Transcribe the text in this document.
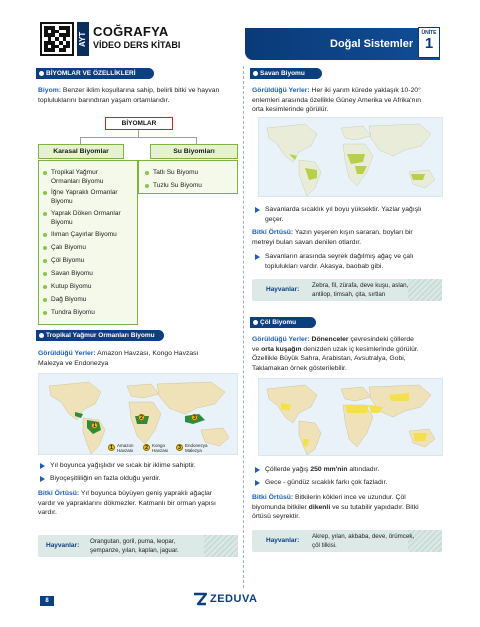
AYT COĞRAFYA
VİDEO DERS KİTABI	Doğal Sistemler
ÜNİTE
1
BİYOMLAR VE ÖZELLİKLERİ
Biyom: Benzer iklim koşullarına sahip, belirli bitki ve hayvan
topluluklarını barındıran yaşam ortamlarıdır.
BİYOMLAR
Karasal Biyomlar	Su Biyomları
Tropikal Yağmur
Ormanları Biyomu
İğne Yapraklı Ormanlar
Biyomu
Yaprak Döken Ormanlar
Biyomu
Ilıman Çayırlar Biyomu
Çalı Biyomu
Çöl Biyomu
Savan Biyomu
Kutup Biyomu
Dağ Biyomu
Tundra Biyomu
Tatlı Su Biyomu
Tuzlu Su Biyomu
Tropikal Yağmur Ormanları Biyomu
Görüldüğü Yerler: Amazon Havzası, Kongo Havzası
Malezya ve Endonezya
1
2	3
1 Amazon
Havzası	2 Kongo
Havzası	3 Endonezya
Malezya
Yıl boyunca yağışlıdır ve sıcak bir iklime sahiptir.
Biyoçeşitliliğin en fazla olduğu yerdir.
Bitki Örtüsü: Yıl boyunca büyüyen geniş yapraklı ağaçlar
vardır ve yapraklarını dökmezler. Katmanlı bir orman yapısı
vardır.
Hayvanlar:
Orangutan, goril, puma, leopar,
şempanze, yılan, kaplan, jaguar.
Savan Biyomu
Görüldüğü Yerler: Her iki yarım kürede yaklaşık 10-20°
enlemleri arasında özellikle Güney Amerika ve Afrika'nın
orta kesimlerinde görülür.
Savanlarda sıcaklık yıl boyu yüksektir. Yazlar yağışlı
geçer.
Bitki Örtüsü: Yazın yeşeren kışın sararan, boyları bir
metreyi bulan savan denilen otlardır.
Savanların arasında seyrek dağılmış ağaç ve çalı
toplulukları vardır. Akasya, baobab gibi.
Hayvanlar:
Zebra, fil, zürafa, deve kuşu, aslan,
antilop, timsah, çita, sırtlan
Çöl Biyomu
Görüldüğü Yerler: Dönenceler çevresindeki çöllerde
ve orta kuşağın denizden uzak iç kesimlerinde görülür.
Özellikle Büyük Sahra, Arabistan, Avsutralya, Gobi,
Taklamakan örnek gösterilebilir.
Çöllerde yağış 250 mm'nin altındadır.
Gece - gündüz sıcaklık farkı çok fazladır.
Bitki Örtüsü: Bitkilerin kökleri ince ve uzundur. Çöl
biyomunda bitkiler dikenli ve su tutabilir yapıdadır. Bitki
örtüsü seyrektir.
Hayvanlar:
Akrep, yılan, akbaba, deve, örümcek,
çöl tilkisi.
8	ZEDUVA
